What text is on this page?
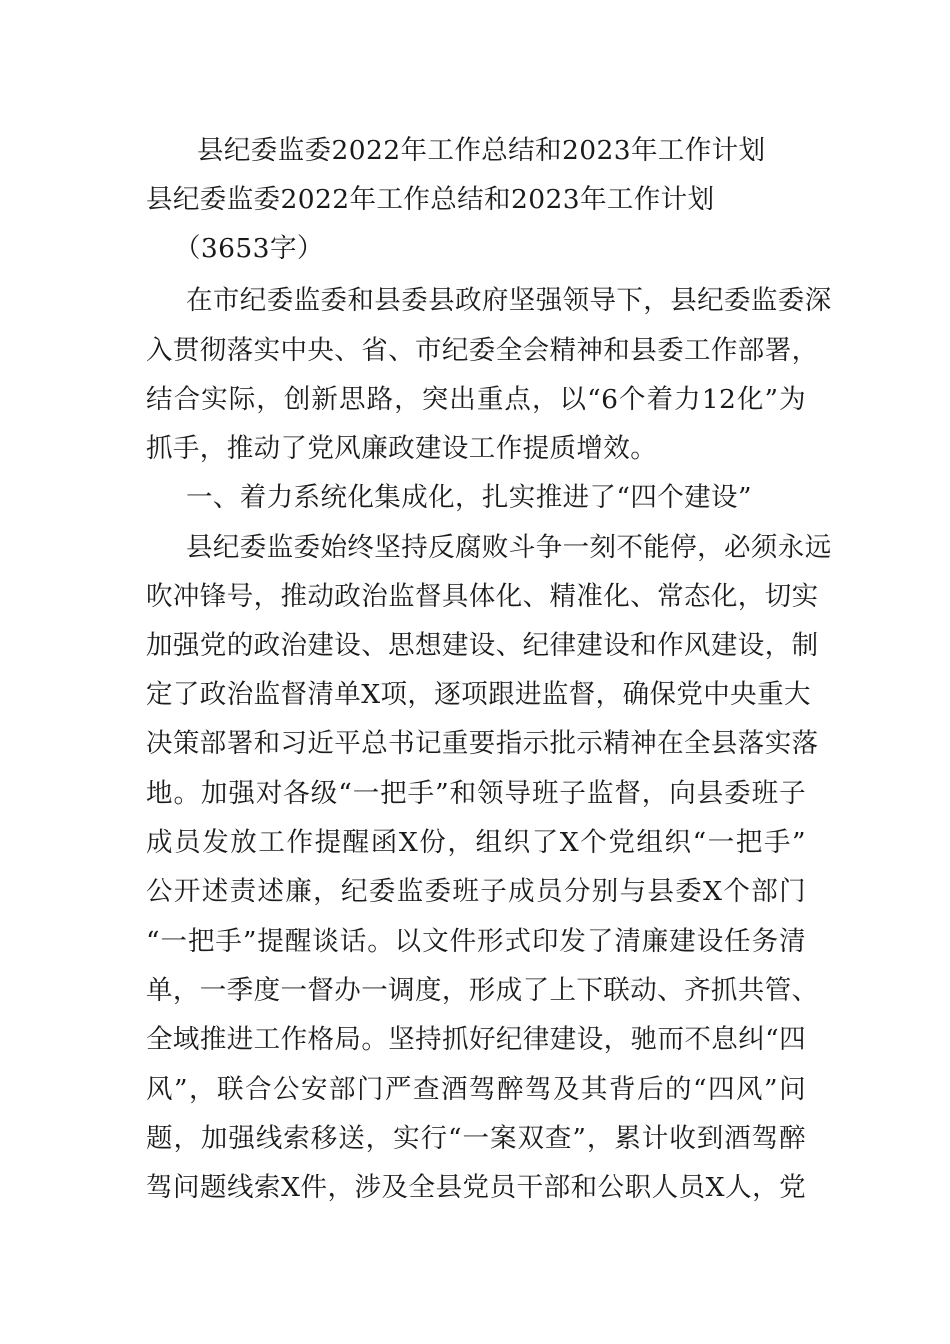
县纪委监委2022年工作总结和2023年工作计划
县纪委监委2022年工作总结和2023年工作计划
（3653字）
在市纪委监委和县委县政府坚强领导下，县纪委监委深
入贯彻落实中央、省、市纪委全会精神和县委工作部署，
结合实际，创新思路，突出重点，以“6个着力12化”为
抓手，推动了党风廉政建设工作提质增效。
一、着力系统化集成化，扎实推进了“四个建设”
县纪委监委始终坚持反腐败斗争一刻不能停，必须永远
吹冲锋号，推动政治监督具体化、精准化、常态化，切实
加强党的政治建设、思想建设、纪律建设和作风建设，制
定了政治监督清单X项，逐项跟进监督，确保党中央重大
决策部署和习近平总书记重要指示批示精神在全县落实落
地。加强对各级“一把手”和领导班子监督，向县委班子
成员发放工作提醒函X份，组织了X个党组织“一把手”
公开述责述廉，纪委监委班子成员分别与县委X个部门
“一把手”提醒谈话。以文件形式印发了清廉建设任务清
单，一季度一督办一调度，形成了上下联动、齐抓共管、
全域推进工作格局。坚持抓好纪律建设，驰而不息纠“四
风”，联合公安部门严查酒驾醉驾及其背后的“四风”问
题，加强线索移送，实行“一案双查”，累计收到酒驾醉
驾问题线索X件，涉及全县党员干部和公职人员X人，党
